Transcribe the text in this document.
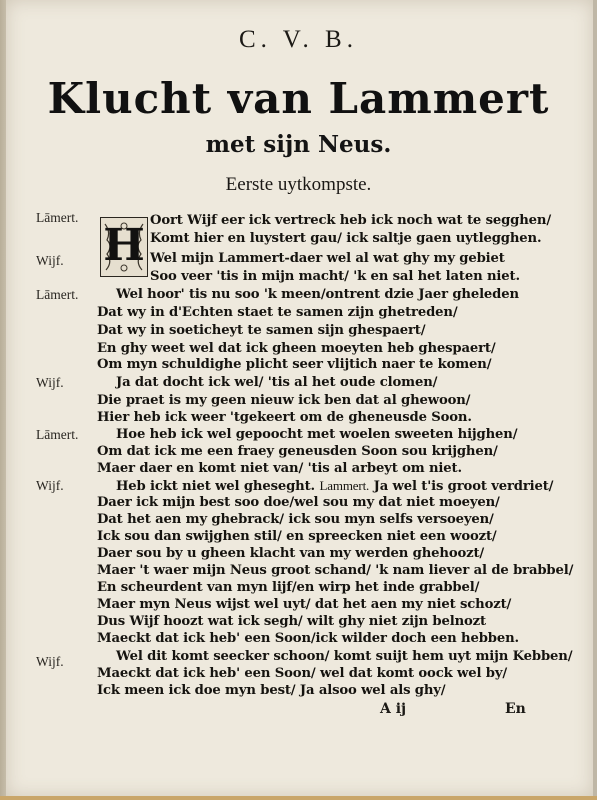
C. V. B.
Klucht van Lammert
met sijn Neus.
Eerste uytkompste.
H
Lāmert.
Wijf.
Lāmert.
Wijf.
Lāmert.
Wijf.
Wijf.
Oort Wijf eer ick vertreck heb ick noch wat te segghen/
Komt hier en luystert gau/ ick saltje gaen uytlegghen.
Wel mijn Lammert-daer wel al wat ghy my gebiet
Soo veer 'tis in mijn macht/ 'k en sal het laten niet.
Wel hoor' tis nu soo 'k meen/ontrent dzie Jaer gheleden
Dat wy in d'Echten staet te samen zijn ghetreden/
Dat wy in soeticheyt te samen sijn ghespaert/
En ghy weet wel dat ick gheen moeyten heb ghespaert/
Om myn schuldighe plicht seer vlijtich naer te komen/
Ja dat docht ick wel/ 'tis al het oude clomen/
Die praet is my geen nieuw ick ben dat al ghewoon/
Hier heb ick weer 'tgekeert om de gheneusde Soon.
Hoe heb ick wel gepoocht met woelen sweeten hijghen/
Om dat ick me een fraey geneusden Soon sou krijghen/
Maer daer en komt niet van/ 'tis al arbeyt om niet.
Heb ickt niet wel gheseght. Lammert. Ja wel t'is groot verdriet/
Daer ick mijn best soo doe/wel sou my dat niet moeyen/
Dat het aen my ghebrack/ ick sou myn selfs versoeyen/
Ick sou dan swijghen stil/ en spreecken niet een woozt/
Daer sou by u gheen klacht van my werden ghehoozt/
Maer 't waer mijn Neus groot schand/ 'k nam liever al de brabbel/
En scheurdent van myn lijf/en wirp het inde grabbel/
Maer myn Neus wijst wel uyt/ dat het aen my niet schozt/
Dus Wijf hoozt wat ick segh/ wilt ghy niet zijn belnozt
Maeckt dat ick heb' een Soon/ick wilder doch een hebben.
Wel dit komt seecker schoon/ komt suijt hem uyt mijn Kebben/
Maeckt dat ick heb' een Soon/ wel dat komt oock wel by/
Ick meen ick doe myn best/ Ja alsoo wel als ghy/
A ij	En
